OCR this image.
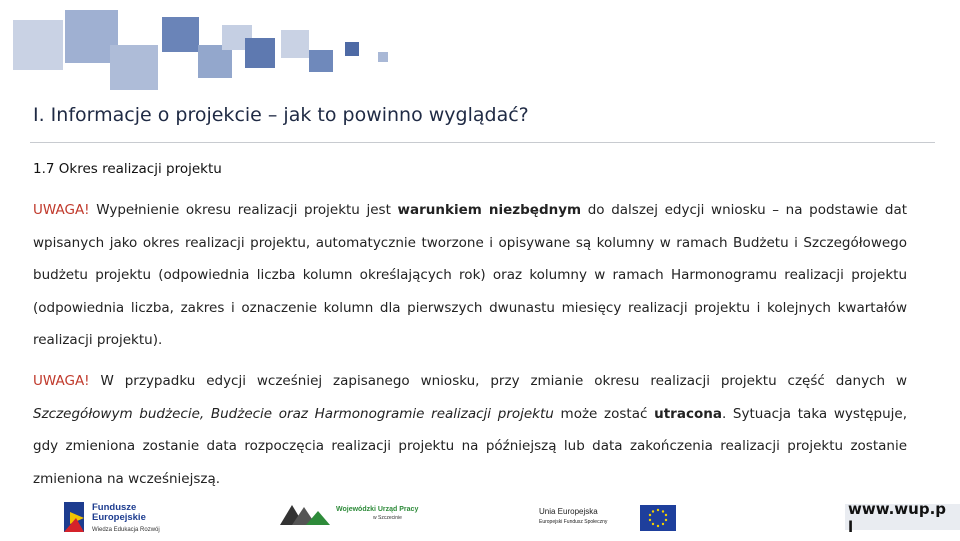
I. Informacje o projekcie – jak to powinno wyglądać?
1.7 Okres realizacji projektu
UWAGA! Wypełnienie okresu realizacji projektu jest warunkiem niezbędnym do dalszej edycji wniosku – na podstawie dat wpisanych jako okres realizacji projektu, automatycznie tworzone i opisywane są kolumny w ramach Budżetu i Szczegółowego budżetu projektu (odpowiednia liczba kolumn określających rok) oraz kolumny w ramach Harmonogramu realizacji projektu (odpowiednia liczba, zakres i oznaczenie kolumn dla pierwszych dwunastu miesięcy realizacji projektu i kolejnych kwartałów realizacji projektu).
UWAGA! W przypadku edycji wcześniej zapisanego wniosku, przy zmianie okresu realizacji projektu część danych w Szczegółowym budżecie, Budżecie oraz Harmonogramie realizacji projektu może zostać utracona. Sytuacja taka występuje, gdy zmieniona zostanie data rozpoczęcia realizacji projektu na późniejszą lub data zakończenia realizacji projektu zostanie zmieniona na wcześniejszą.
Fundusze
Europejskie
Wiedza Edukacja Rozwój
Wojewódzki Urząd Pracy
w Szczecinie
Unia Europejska
Europejski Fundusz Społeczny
www.wup.p
l
